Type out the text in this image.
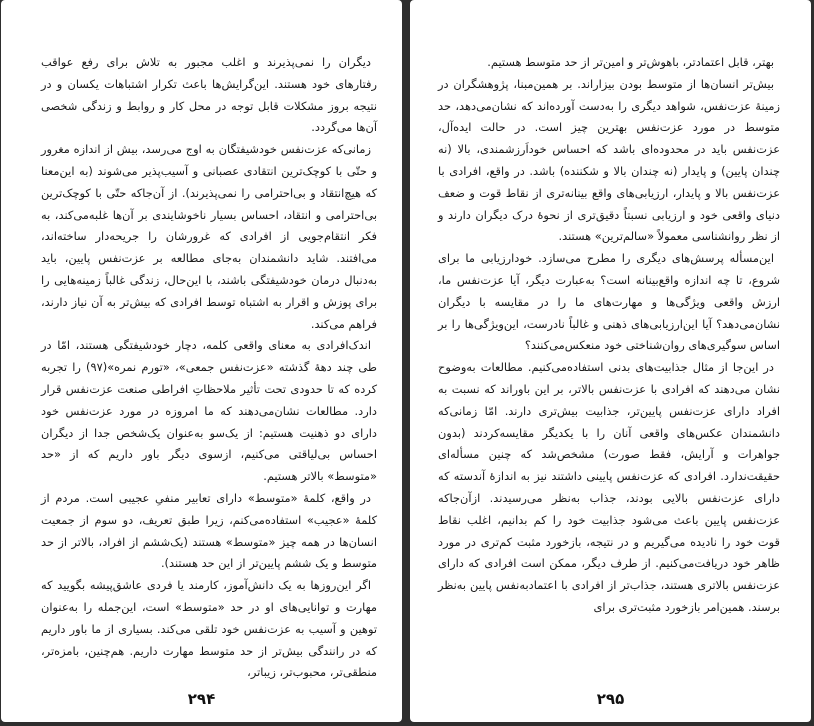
​

دیگران را نمی‌پذیرند و اغلب مجبور به تلاش برای رفع عواقب رفتارهای خود هستند. این‌گرایش‌ها باعث تکرار اشتباهات یکسان و در نتیجه بروز مشکلات قابل توجه در محل کار و روابط و زندگی شخصی آن‌ها می‌گردد.

زمانی‌که عزت‌نفس خودشیفتگان به اوج می‌رسد، بیش از اندازه مغرور و حتّی با کوچک‌ترین انتقادی عصبانی و آسیب‌پذیر می‌شوند (به این‌معنا که هیچ‌انتقاد و بی‌احترامی را نمی‌پذیرند). از آن‌جاکه حتّی با کوچک‌ترین بی‌احترامی و انتقاد، احساس بسیار ناخوشایندی بر آن‌ها غلبه‌می‌کند، به فکر انتقام‌جویی از افرادی که غرورشان را جریحه‌دار ساخته‌اند، می‌افتند. شاید دانشمندان به‌جای مطالعه بر عزت‌نفس پایین، باید به‌دنبال درمان خودشیفتگی باشند، با این‌حال، زندگی غالباً زمینه‌هایی را برای پوزش و اقرار به اشتباه توسط افرادی که بیش‌تر به آن نیاز دارند، فراهم می‌کند.

اندک‌افرادی به معنای واقعی کلمه، دچار خودشیفتگی هستند، امّا در طی چند دههٔ گذشته «عزت‌نفس جمعی»، «تورم نمره»(۹۷) را تجربه کرده که تا حدودی تحت تأثیر ملاحظاتِ افراطی صنعت عزت‌نفس قرار دارد. مطالعات نشان‌می‌دهند که ما امروزه در مورد عزت‌نفس خود دارای دو ذهنیت هستیم: از یک‌سو به‌عنوان یک‌شخص جدا از دیگران احساس بی‌لیاقتی می‌کنیم، ازسوی دیگر باور داریم که از «حد «متوسط» بالاتر هستیم.

در واقع، کلمهٔ «متوسط» دارای تعابیر منفیِ عجیبی است. مردم از کلمهٔ «عجیب» استفاده‌می‌کنم، زیرا طبق تعریف، دو سوم از جمعیت انسان‌ها در همه چیز «متوسط» هستند (یک‌ششم از افراد، بالاتر از حد متوسط و یک ششم پایین‌تر از این حد هستند).

اگر این‌روزها به یک دانش‌آموز، کارمند یا فردی عاشق‌پیشه بگویید که مهارت و توانایی‌های او در حد «متوسط» است، این‌جمله را به‌عنوان توهین و آسیب به عزت‌نفس خود تلقی می‌کند. بسیاری از ما باور داریم که در رانندگی بیش‌تر از حد متوسط مهارت داریم. هم‌چنین، بامزه‌تر، منطقی‌تر، محبوب‌تر، زیباتر،

۲۹۴
​

بهتر، قابل اعتمادتر، باهوش‌تر و امین‌تر از حد متوسط هستیم.

بیش‌تر انسان‌ها از متوسط بودن بیزاراند. بر همین‌مبنا، پژوهشگران در زمینهٔ عزت‌نفس، شواهد دیگری را به‌دست آورده‌اند که نشان‌می‌دهد، حد متوسط در مورد عزت‌نفس بهترین چیز است. در حالت ایده‌آل، عزت‌نفس باید در محدوده‌ای باشد که احساس خوداَرزشمندی، بالا (نه چندان پایین) و پایدار (نه چندان بالا و شکننده) باشد. در واقع، افرادی با عزت‌نفس بالا و پایدار، ارزیابی‌های واقع بینانه‌تری از نقاط قوت و ضعف دنیای واقعی خود و ارزیابی نسبتاً دقیق‌تری از نحوهٔ درک دیگران دارند و از نظر روانشناسی معمولاً «سالم‌ترین» هستند.

این‌مسأله پرسش‌های دیگری را مطرح می‌سازد. خودارزیابی ما برای شروع، تا چه اندازه واقع‌بینانه است؟ به‌عبارت دیگر، آیا عزت‌نفس ما، ارزش واقعی ویژگی‌ها و مهارت‌های ما را در مقایسه با دیگران نشان‌می‌دهد؟ آیا این‌ارزیابی‌های ذهنی و غالباً نادرست، این‌ویژگی‌ها را بر اساس سوگیری‌های روان‌شناختی خود منعکس‌می‌کنند؟

در این‌جا از مثال جذابیت‌های بدنی استفاده‌می‌کنیم. مطالعات به‌وضوح نشان می‌دهند که افرادی با عزت‌نفس بالاتر، بر این باوراند که نسبت به افراد دارای عزت‌نفس پایین‌تر، جذابیت بیش‌تری دارند. امّا زمانی‌که دانشمندان عکس‌های واقعی آنان را با یکدیگر مقایسه‌کردند (بدون جواهرات و آرایش، فقط صورت) مشخص‌شد که چنین مسأله‌ای حقیقت‌ندارد. افرادی که عزت‌نفس پایینی داشتند نیز به اندازهٔ آندسته که دارای عزت‌نفس بالایی بودند، جذاب به‌نظر می‌رسیدند. ازآن‌جاکه عزت‌نفس پایین باعث می‌شود جذابیت خود را کم بدانیم، اغلب نقاط قوت خود را نادیده می‌گیریم و در نتیجه، بازخورد مثبت کم‌تری در مورد ظاهر خود دریافت‌می‌کنیم. از طرف دیگر، ممکن است افرادی که دارای عزت‌نفس بالاتری هستند، جذاب‌تر از افرادی با اعتمادبه‌نفس پایین به‌نظر برسند. همین‌امر بازخورد مثبت‌تری برای

۲۹۵
